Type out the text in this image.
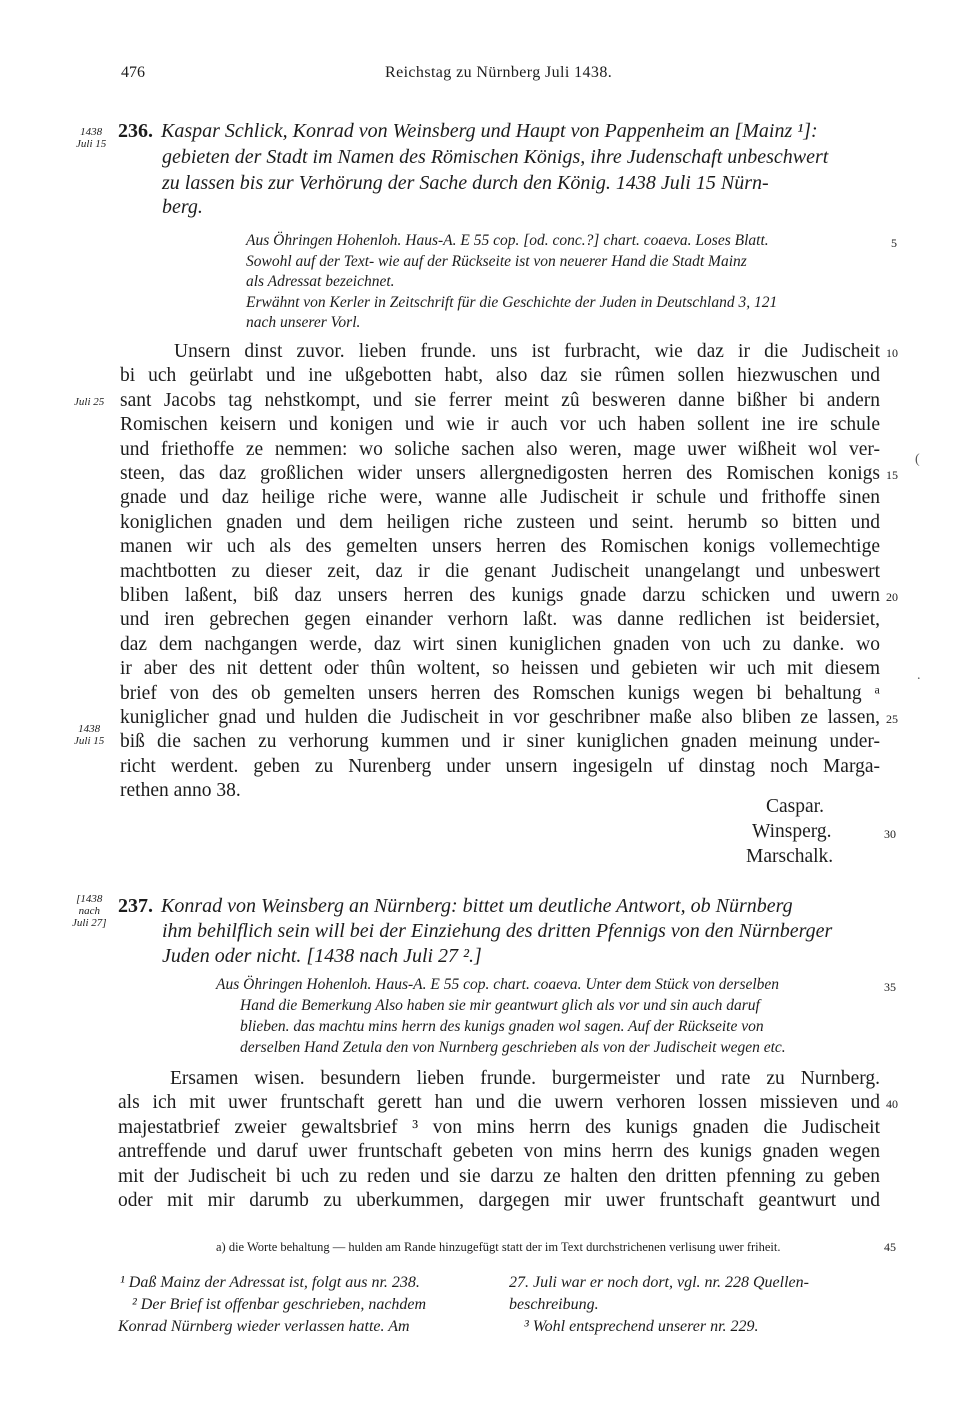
476	Reichstag zu Nürnberg Juli 1438.
1438
Juli 15
236. Kaspar Schlick, Konrad von Weinsberg und Haupt von Pappenheim an [Mainz ¹]:
gebieten der Stadt im Namen des Römischen Königs, ihre Judenschaft unbeschwert
zu lassen bis zur Verhörung der Sache durch den König. 1438 Juli 15 Nürn-
berg.
Aus Öhringen Hohenloh. Haus-A. E 55 cop. [od. conc.?] chart. coaeva. Loses Blatt.	5
Sowohl auf der Text- wie auf der Rückseite ist von neuerer Hand die Stadt Mainz
als Adressat bezeichnet.
Erwähnt von Kerler in Zeitschrift für die Geschichte der Juden in Deutschland 3, 121
nach unserer Vorl.
Unsern dinst zuvor. lieben frunde. uns ist furbracht, wie daz ir die Judischeit 10
bi uch geürlabt und ine ußgebotten habt, also daz sie rûmen sollen hiezwuschen und
sant Jacobs tag nehstkompt, und sie ferrer meint zû besweren danne bißher bi andern
Romischen keisern und konigen und wie ir auch vor uch haben sollent ine ire schule
und friethoffe ze nemmen: wo soliche sachen also weren, mage uwer wißheit wol ver-
steen, das daz großlichen wider unsers allergnedigosten herren des Romischen konigs 15
gnade und daz heilige riche were, wanne alle Judischeit ir schule und frithoffe sinen
koniglichen gnaden und dem heiligen riche zusteen und seint. herumb so bitten und
manen wir uch als des gemelten unsers herren des Romischen konigs vollemechtige
machtbotten zu dieser zeit, daz ir die genant Judischeit unangelangt und unbeswert
bliben laßent, biß daz unsers herren des kunigs gnade darzu schicken und uwern 20
und iren gebrechen gegen einander verhorn laßt. was danne redlichen ist beidersiet,
daz dem nachgangen werde, daz wirt sinen kuniglichen gnaden von uch zu danke. wo
ir aber des nit dettent oder thûn woltent, so heissen und gebieten wir uch mit diesem
brief von des ob gemelten unsers herren des Romschen kunigs wegen bi behaltung ᵃ
kuniglicher gnad und hulden die Judischeit in vor geschribner maße also bliben ze lassen, 25
biß die sachen zu verhorung kummen und ir siner kuniglichen gnaden meinung under-
richt werdent. geben zu Nurenberg under unsern ingesigeln uf dinstag noch Marga-
rethen anno 38.
Juli 25
1438
Juli 15
Caspar.
Winsperg.	30
Marschalk.
[1438
nach
Juli 27]
237. Konrad von Weinsberg an Nürnberg: bittet um deutliche Antwort, ob Nürnberg
ihm behilflich sein will bei der Einziehung des dritten Pfennigs von den Nürnberger
Juden oder nicht. [1438 nach Juli 27 ².]
Aus Öhringen Hohenloh. Haus-A. E 55 cop. chart. coaeva. Unter dem Stück von derselben	35
Hand die Bemerkung Also haben sie mir geantwurt glich als vor und sin auch daruf
blieben. das machtu mins herrn des kunigs gnaden wol sagen. Auf der Rückseite von
derselben Hand Zetula den von Nurnberg geschrieben als von der Judischeit wegen etc.
Ersamen wisen. besundern lieben frunde. burgermeister und rate zu Nurnberg.
als ich mit uwer fruntschaft gerett han und die uwern verhoren lossen missieven und 40
majestatbrief zweier gewaltsbrief ³ von mins herrn des kunigs gnaden die Judischeit
antreffende und daruf uwer fruntschaft gebeten von mins herrn des kunigs gnaden wegen
mit der Judischeit bi uch zu reden und sie darzu ze halten den dritten pfenning zu geben
oder mit mir darumb zu uberkummen, dargegen mir uwer fruntschaft geantwurt und
a) die Worte behaltung — hulden am Rande hinzugefügt statt der im Text durchstrichenen verlisung uwer friheit.	45
¹ Daß Mainz der Adressat ist, folgt aus nr. 238.
² Der Brief ist offenbar geschrieben, nachdem
Konrad Nürnberg wieder verlassen hatte. Am
27. Juli war er noch dort, vgl. nr. 228 Quellen-
beschreibung.
³ Wohl entsprechend unserer nr. 229.
(
.
